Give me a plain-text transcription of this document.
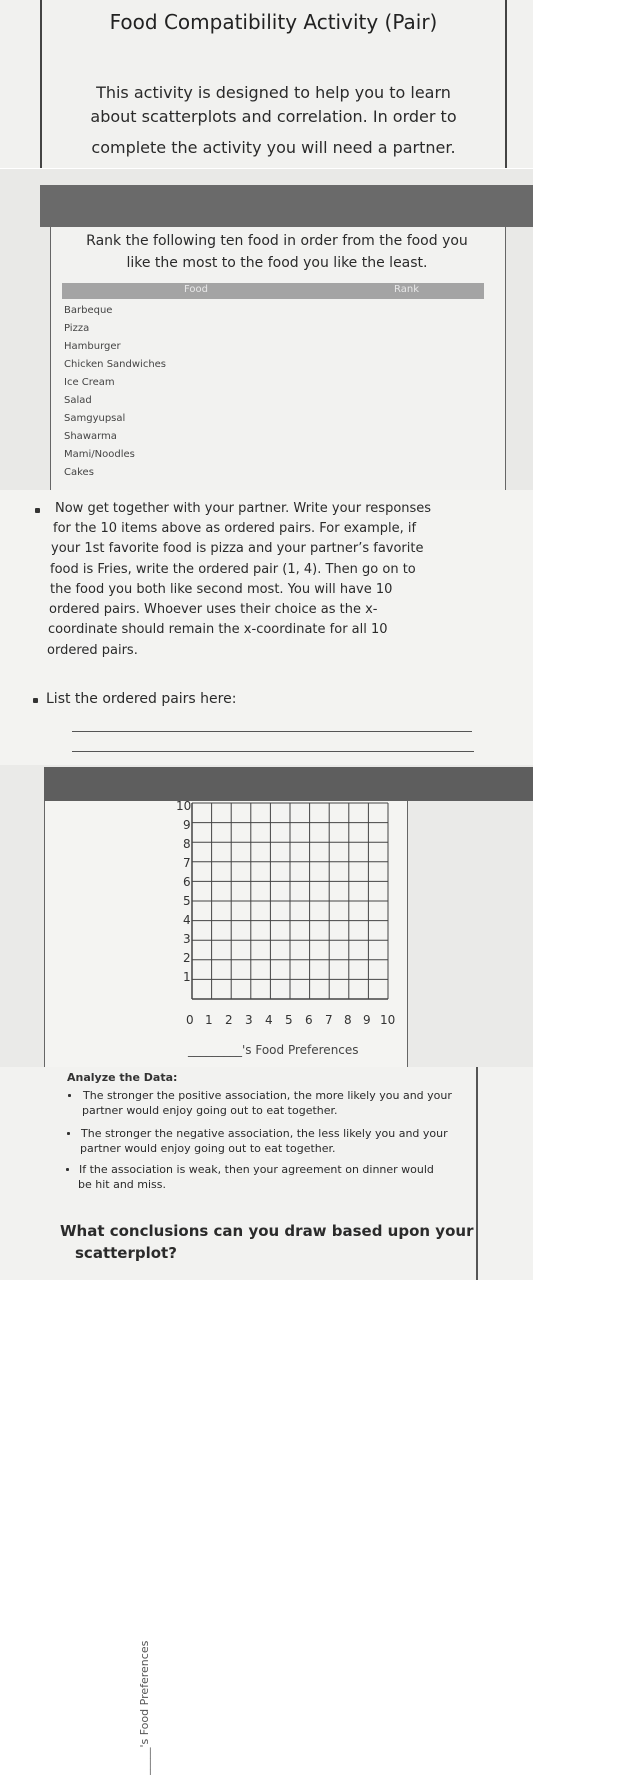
Food Compatibility Activity (Pair)

This activity is designed to help you to learn

about scatterplots and correlation. In order to

complete the activity you will need a partner.

Rank the following ten food in order from the food you

like the most to the food you like the least.

Food	Rank
Barbeque
Pizza
Hamburger
Chicken Sandwiches
Ice Cream
Salad
Samgyupsal
Shawarma
Mami/Noodles
Cakes

Now get together with your partner. Write your responses

for the 10 items above as ordered pairs. For example, if

your 1st favorite food is pizza and your partner’s favorite

food is Fries, write the ordered pair (1, 4). Then go on to

the food you both like second most. You will have 10

ordered pairs. Whoever uses their choice as the x-

coordinate should remain the x-coordinate for all 10

ordered pairs.

List the ordered pairs here:

_____'s Food Preferences
10
9
8
7
6
5
4
3
2
1
0 1 2 3 4 5 6 7 8 9 10
_________'s Food Preferences

Analyze the Data:

The stronger the positive association, the more likely you and your

partner would enjoy going out to eat together.

The stronger the negative association, the less likely you and your

partner would enjoy going out to eat together.

If the association is weak, then your agreement on dinner would

be hit and miss.

What conclusions can you draw based upon your

scatterplot?
